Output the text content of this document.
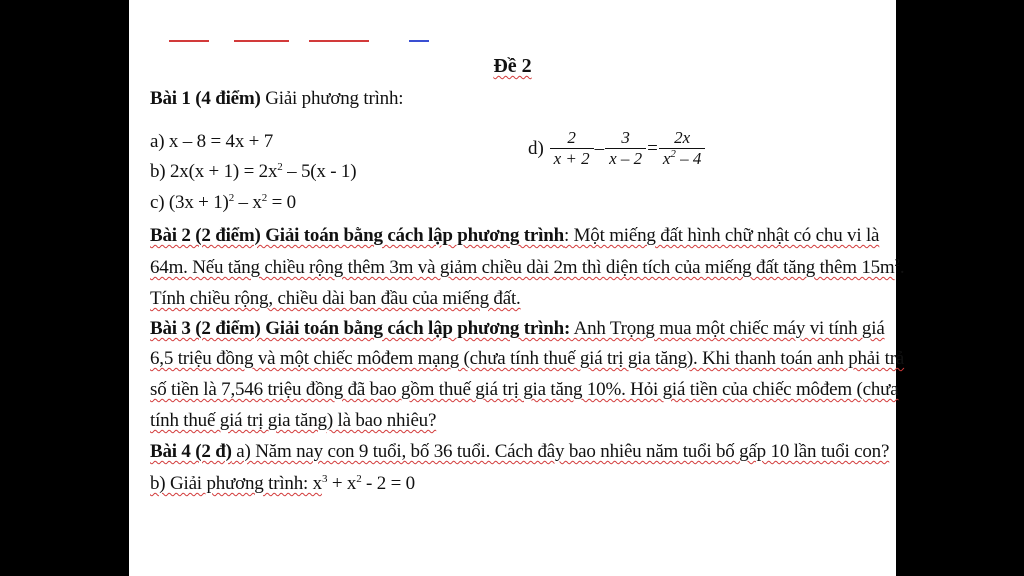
Đề 2
Bài 1 (4 điểm) Giải phương trình:
a) x – 8 = 4x + 7
b) $2x(x + 1) = 2x^2 - 5(x - 1)$
c) $(3x + 1)^2 - x^2 = 0$
$d) \frac{2}{x + 2} - \frac{3}{x - 2} = \frac{2x}{x^2 - 4}$
Bài 2 (2 điểm) Giải toán bằng cách lập phương trình: Một miếng đất hình chữ nhật có chu vi là
64m. Nếu tăng chiều rộng thêm 3m và giảm chiều dài 2m thì diện tích của miếng đất tăng thêm $15m^2$.
Tính chiều rộng, chiều dài ban đầu của miếng đất.
Bài 3 (2 điểm) Giải toán bằng cách lập phương trình: Anh Trọng mua một chiếc máy vi tính giá
6,5 triệu đồng và một chiếc môđem mạng (chưa tính thuế giá trị gia tăng). Khi thanh toán anh phải trả
số tiền là 7,546 triệu đồng đã bao gồm thuế giá trị gia tăng 10%. Hỏi giá tiền của chiếc môđem (chưa
tính thuế giá trị gia tăng) là bao nhiêu?
Bài 4 (2 đ) a) Năm nay con 9 tuổi, bố 36 tuổi. Cách đây bao nhiêu năm tuổi bố gấp 10 lần tuổi con?
b) Giải phương trình: $x^3 + x^2 - 2 = 0$
